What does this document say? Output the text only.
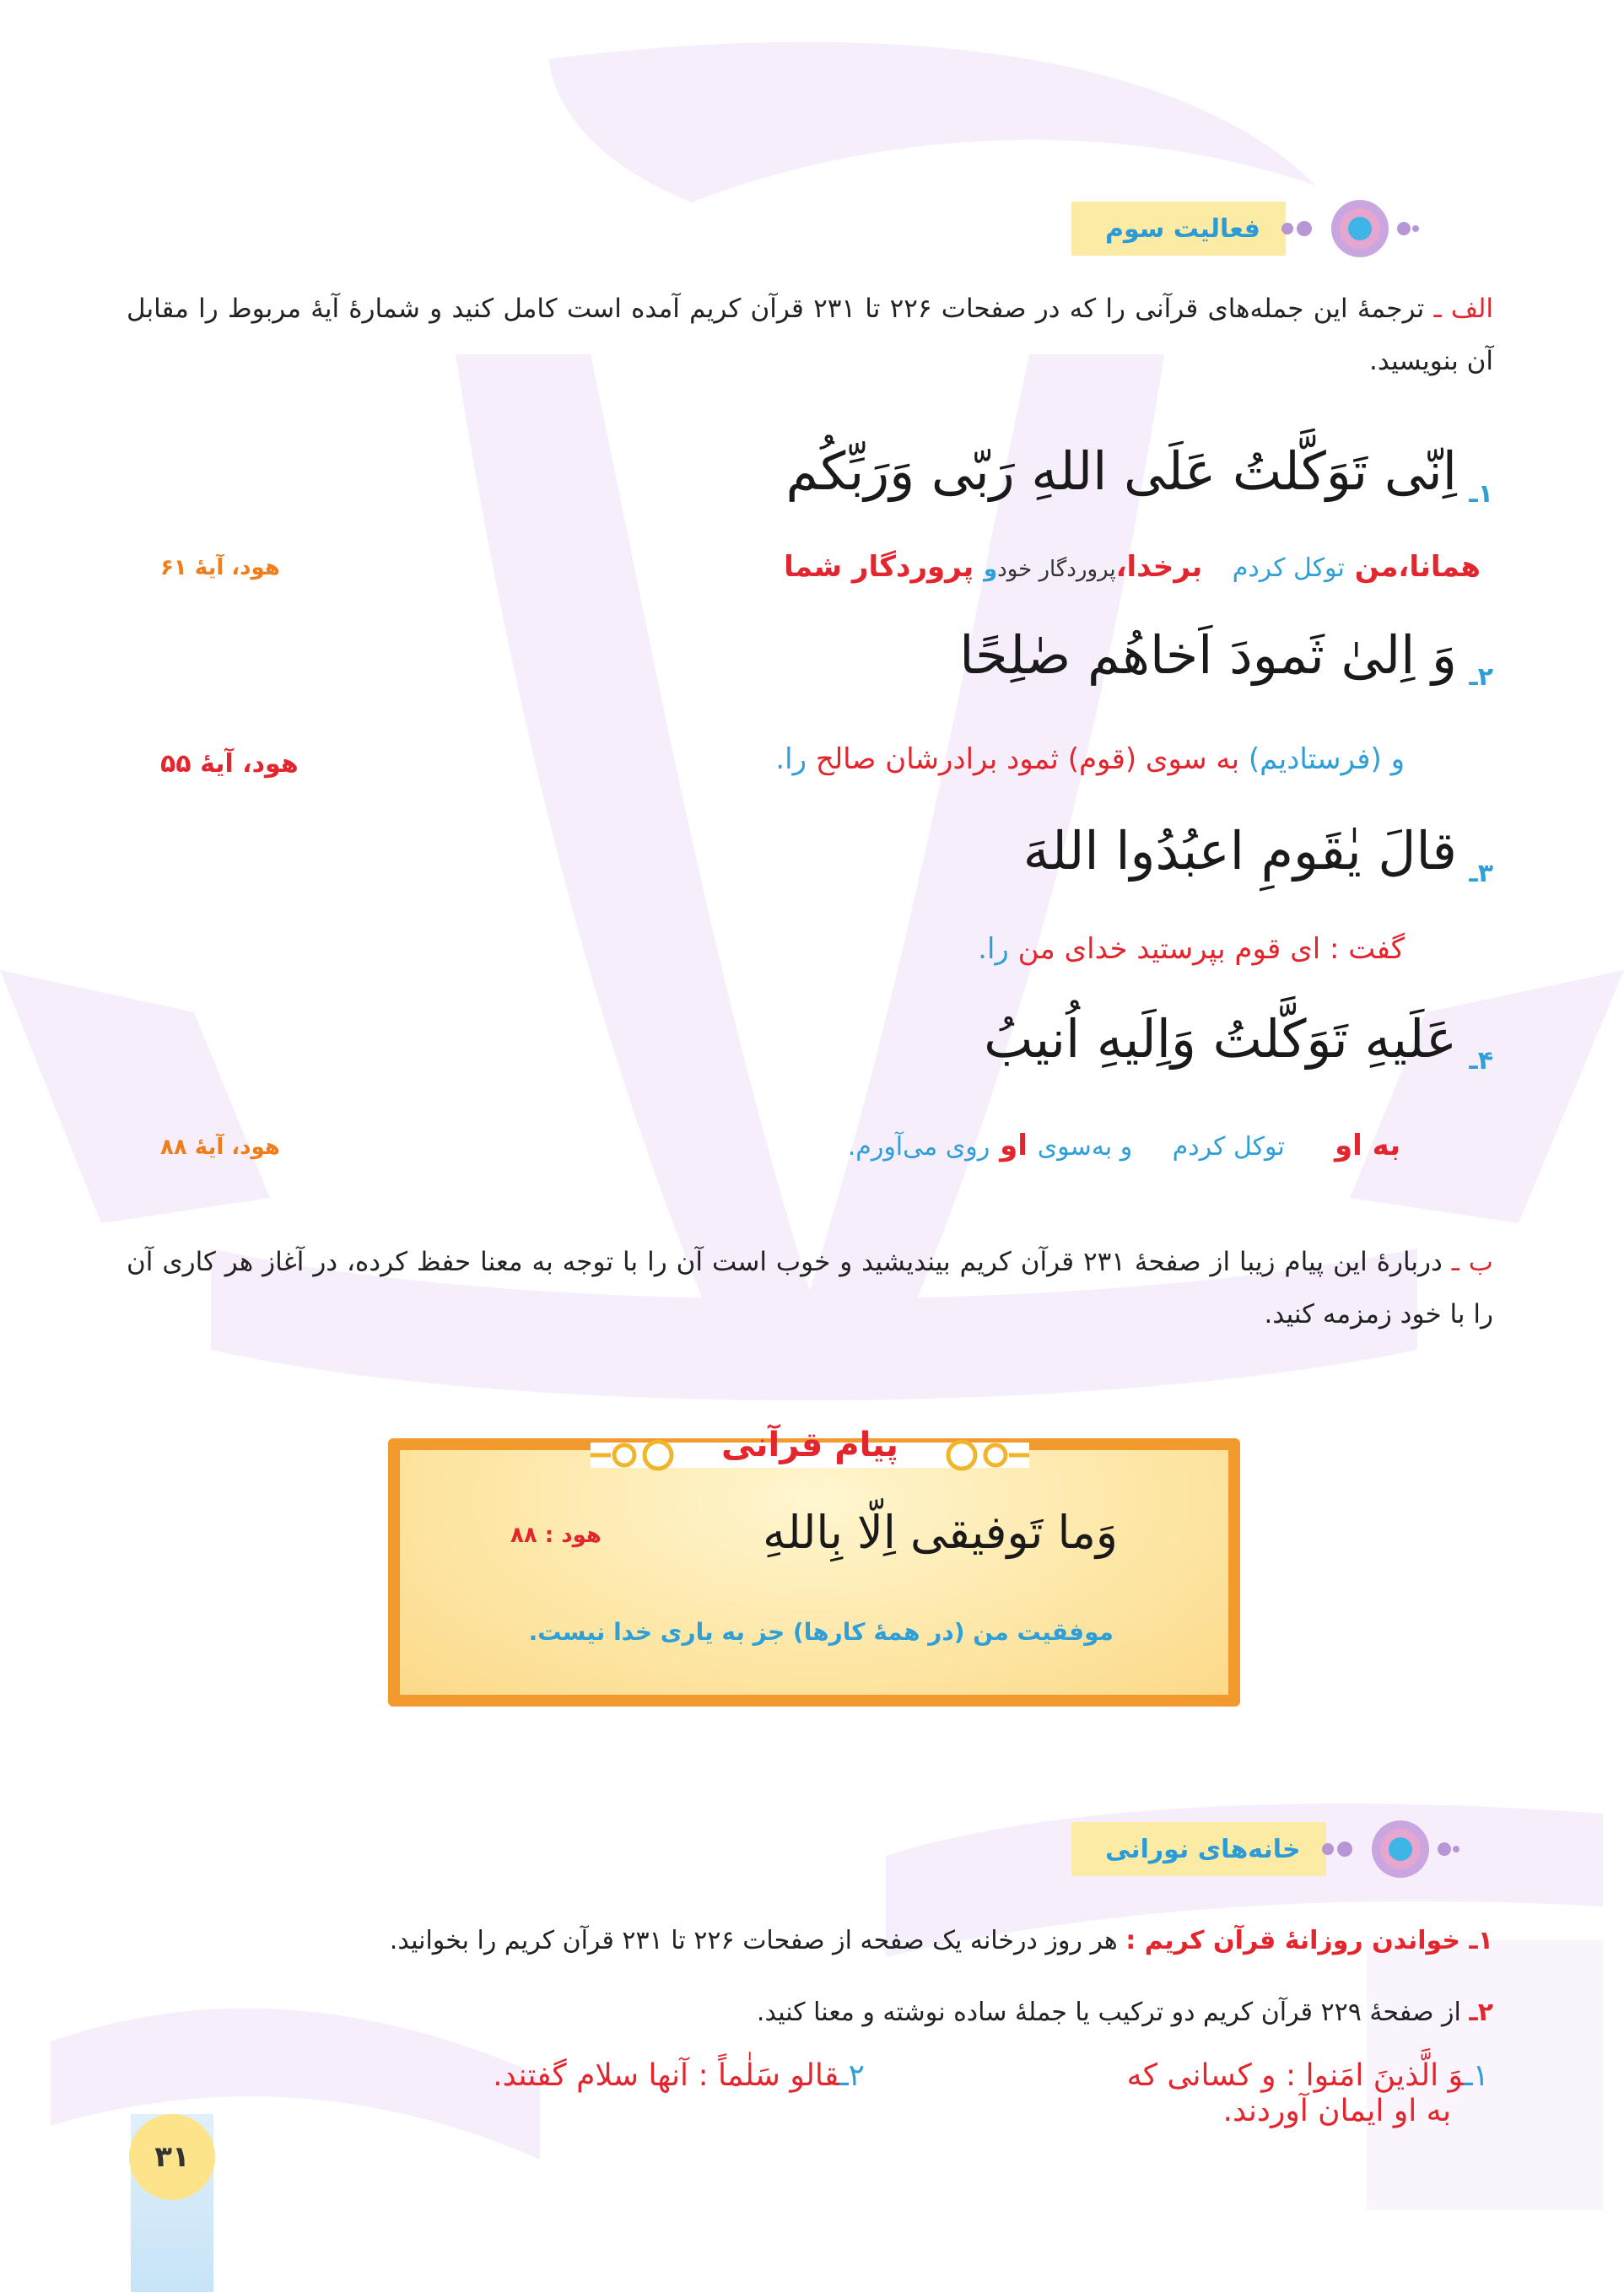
فعالیت سوم
الف ـ ترجمهٔ این جمله‌های قرآنی را که در صفحات ۲۲۶ تا ۲۳۱ قرآن کریم آمده است کامل کنید و شمارهٔ آیهٔ مربوط را مقابل آن بنویسید.
۱ـ
اِنّی تَوَکَّلتُ عَلَی اللهِ رَبّی وَرَبِّکُم
همانا،من توکل کردم   برخدا،پروردگار خودو پروردگار شما
هود، آیهٔ ۶۱
۲ـ
وَ اِلیٰ ثَمودَ اَخاهُم صٰلِحًا
و (فرستادیم) به سوی (قوم) ثمود برادرشان صالح را.
هود، آیهٔ ۵۵
۳ـ
قالَ یٰقَومِ اعبُدُوا اللهَ
گفت : ای قوم بپرستید خدای من را.
۴ـ
عَلَیهِ تَوَکَّلتُ وَاِلَیهِ اُنیبُ
به او     توکل کردم    و به‌سوی او روی می‌آورم.
هود، آیهٔ ۸۸
ب ـ دربارهٔ این پیام زیبا از صفحهٔ ۲۳۱ قرآن کریم بیندیشید و خوب است آن را با توجه به معنا حفظ کرده، در آغاز هر کاری آن را با خود زمزمه کنید.
پیام قرآنی
وَما تَوفیقی اِلّا بِاللهِ
هود : ۸۸
موفقیت من (در همهٔ کارها) جز به یاری خدا نیست.
خانه‌های نورانی
۱ـ خواندن روزانهٔ قرآن کریم : هر روز درخانه یک صفحه از صفحات ۲۲۶ تا ۲۳۱ قرآن کریم را بخوانید.
۲ـ از صفحهٔ ۲۲۹ قرآن کریم دو ترکیب یا جملهٔ ساده نوشته و معنا کنید.
۱ـوَ الَّذینَ امَنوا : و کسانی که
به او ایمان آوردند.
۲ـقالو سَلٰماً : آنها سلام گفتند.
۳۱
